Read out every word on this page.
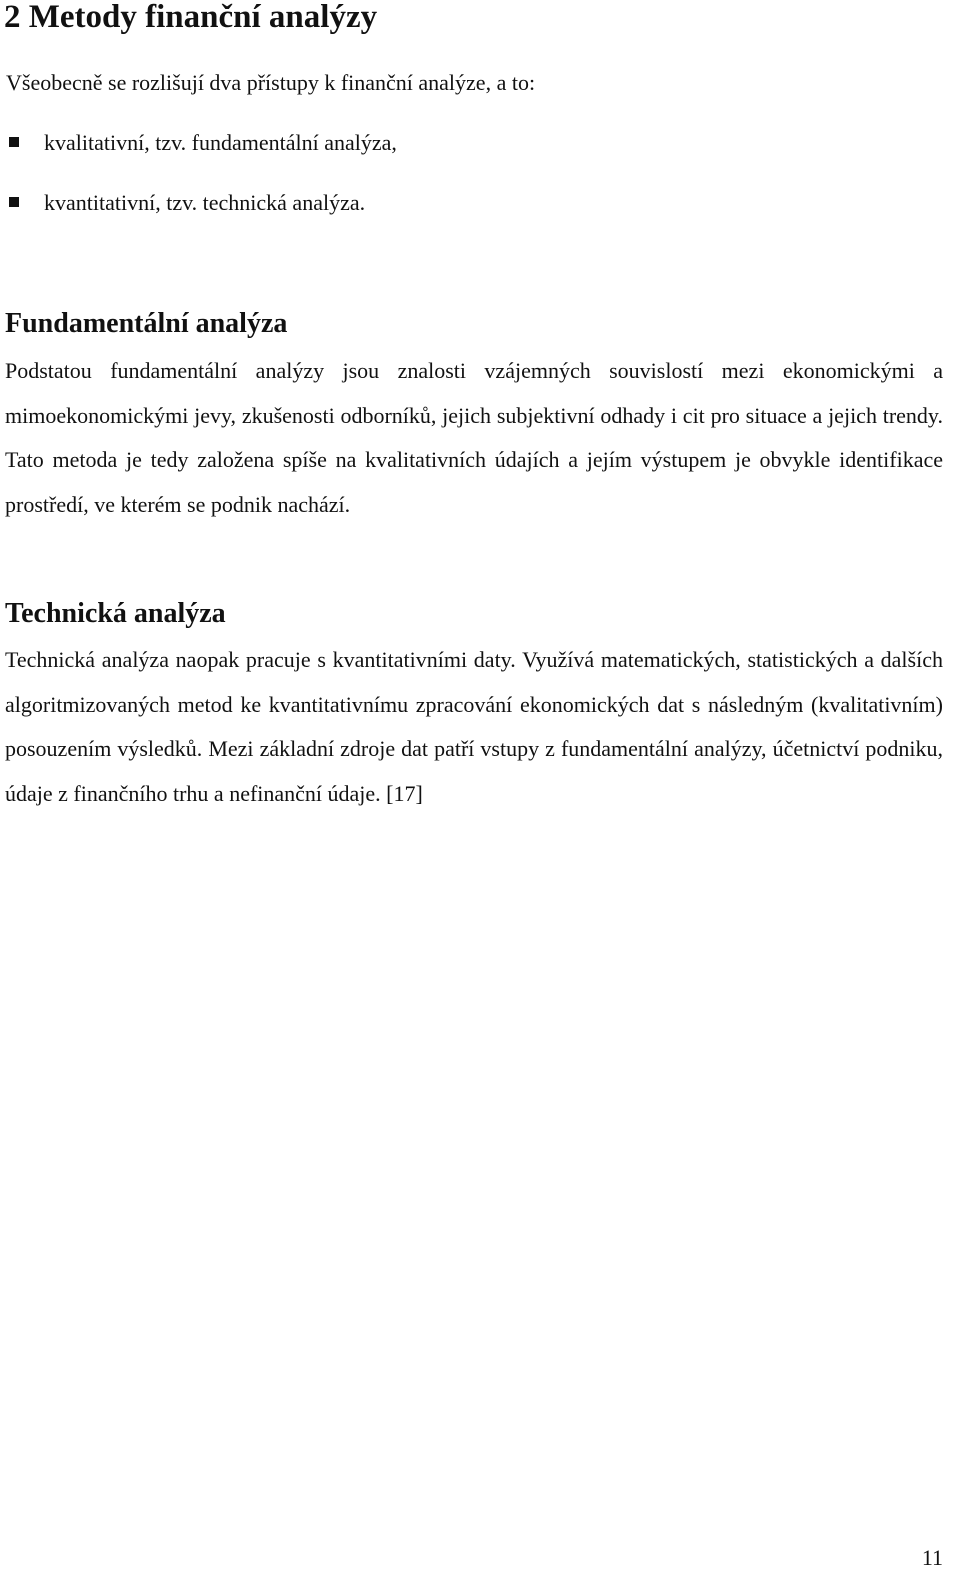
2 Metody finanční analýzy

Všeobecně se rozlišují dva přístupy k finanční analýze, a to:

kvalitativní, tzv. fundamentální analýza,
kvantitativní, tzv. technická analýza.
Fundamentální analýza

Podstatou fundamentální analýzy jsou znalosti vzájemných souvislostí mezi ekonomickými a mimoekonomickými jevy, zkušenosti odborníků, jejich subjektivní odhady i cit pro situace a jejich trendy. Tato metoda je tedy založena spíše na kvalitativních údajích a jejím výstupem je obvykle identifikace prostředí, ve kterém se podnik nachází.

Technická analýza

Technická analýza naopak pracuje s kvantitativními daty. Využívá matematických, statistických a dalších algoritmizovaných metod ke kvantitativnímu zpracování ekonomických dat s následným (kvalitativním) posouzením výsledků. Mezi základní zdroje dat patří vstupy z fundamentální analýzy, účetnictví podniku, údaje z finančního trhu a nefinanční údaje. [17]

11
